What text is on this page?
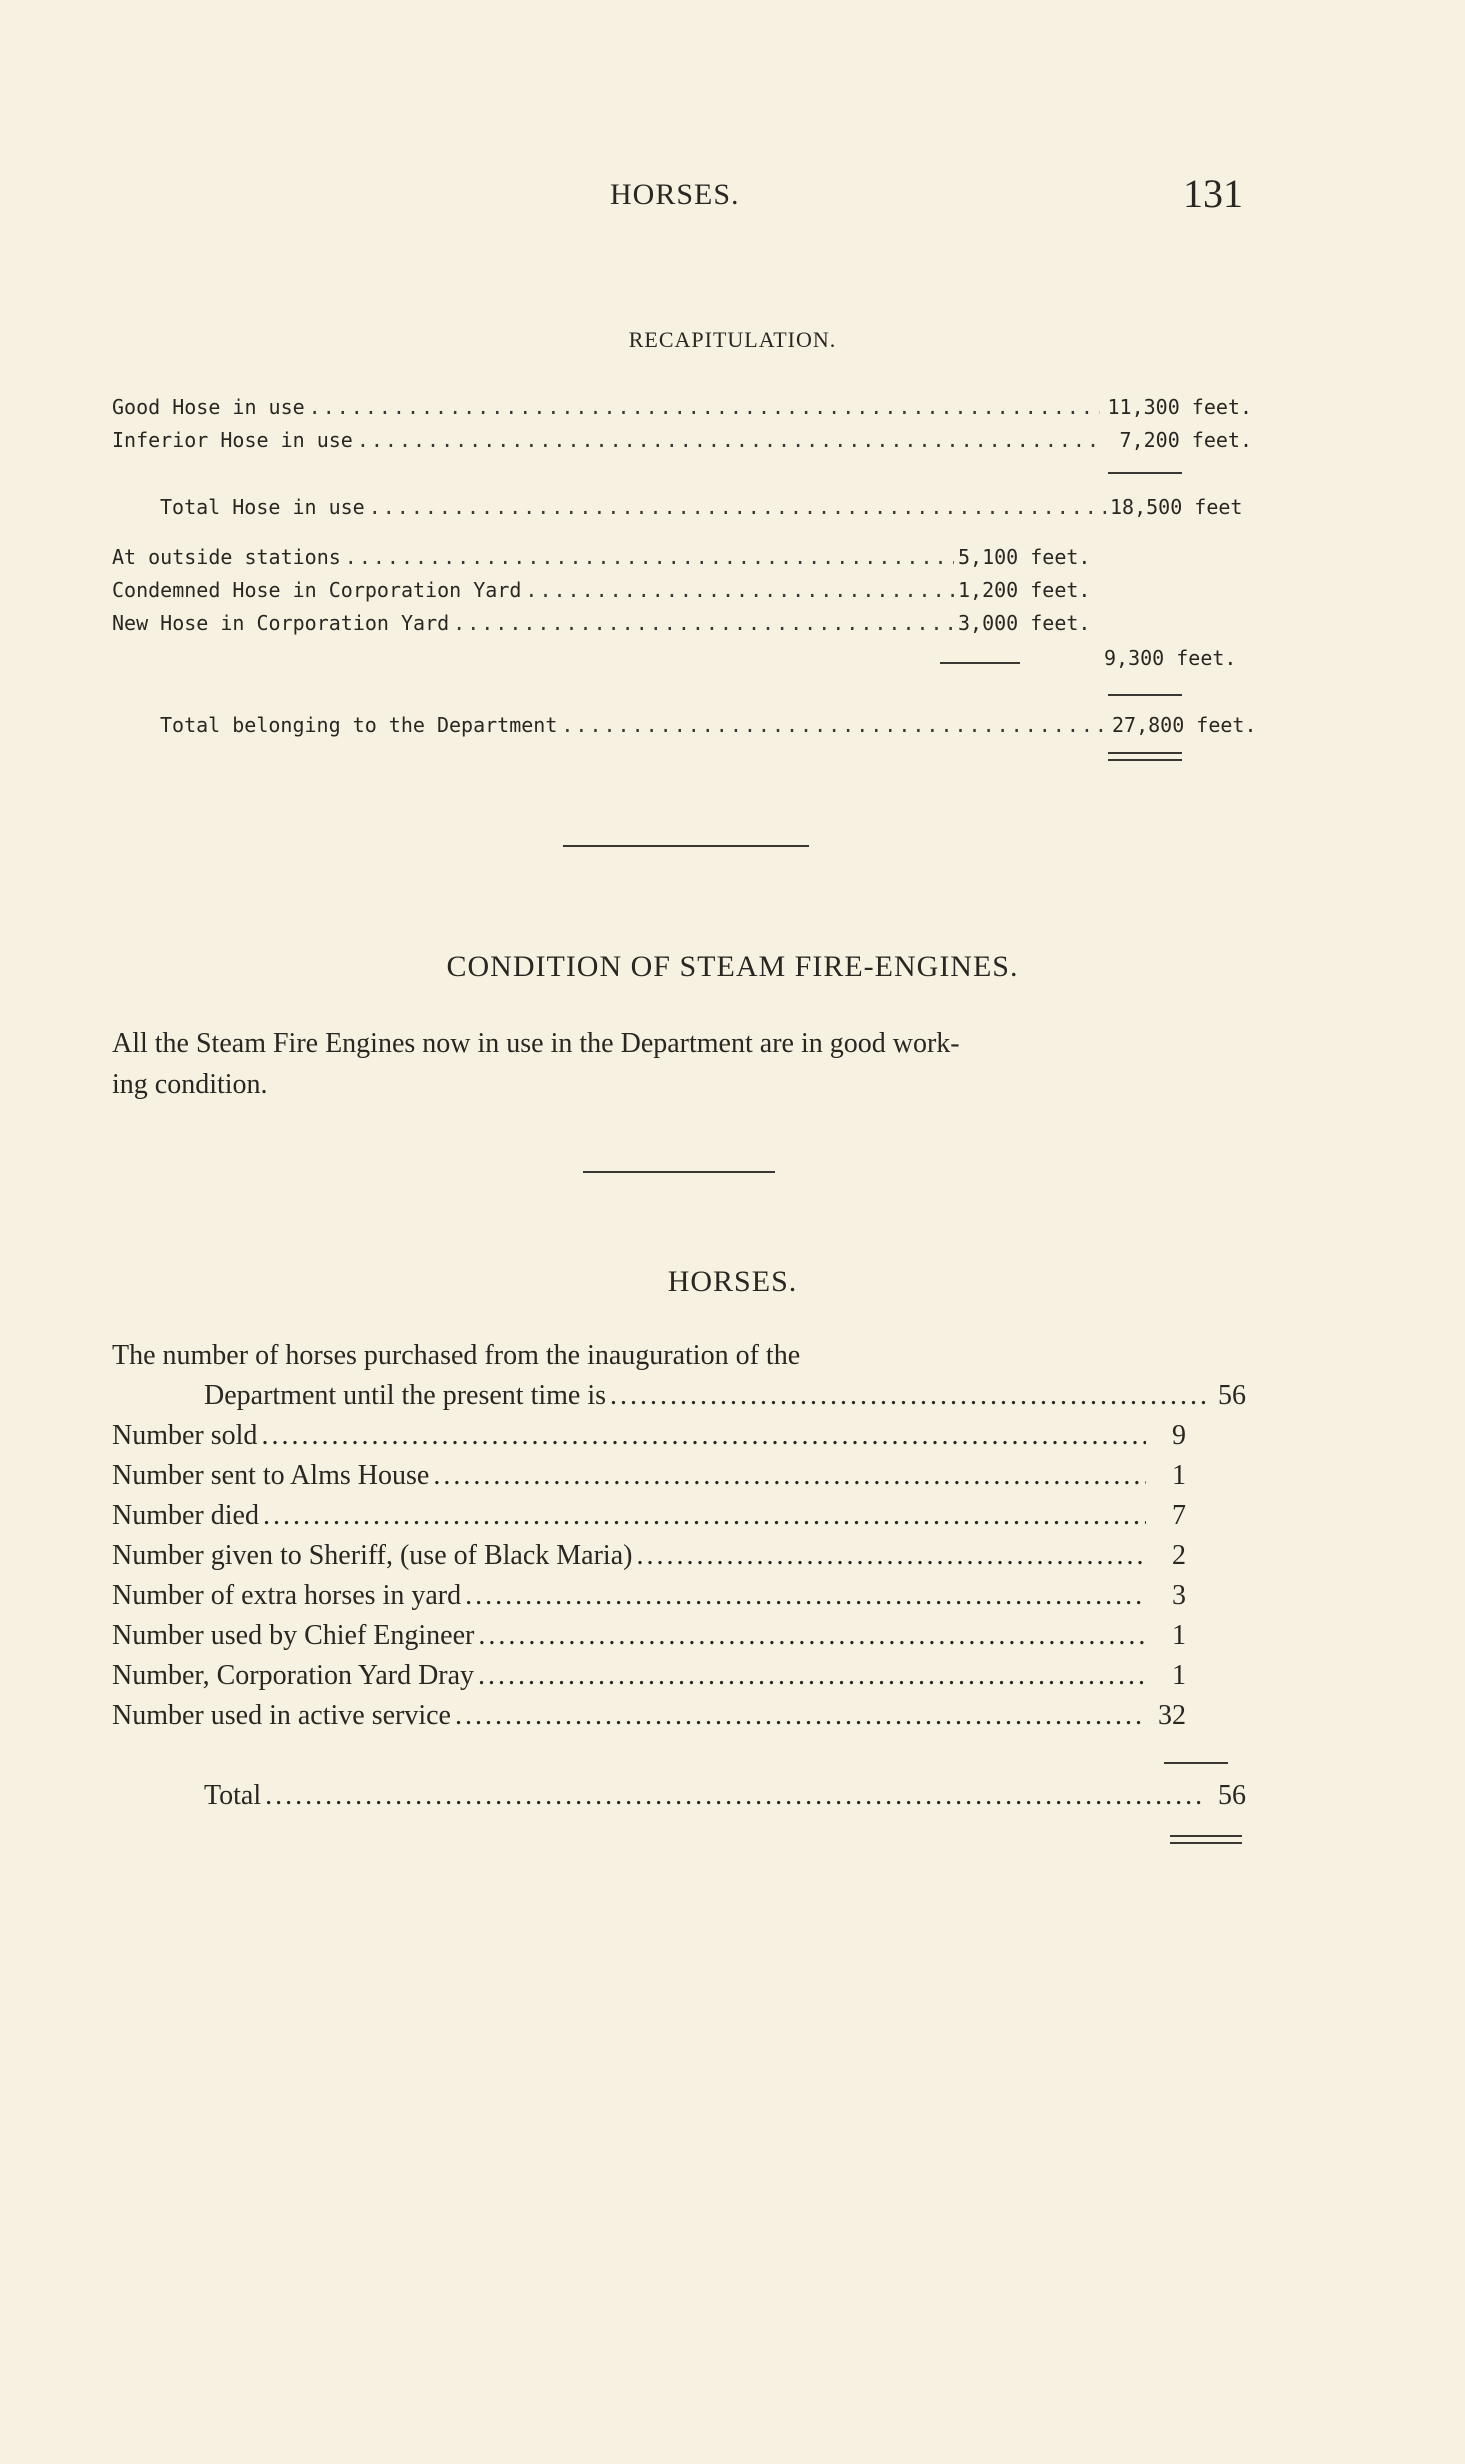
HORSES.	131
RECAPITULATION.
Good Hose in use .....	11,300 feet.
Inferior Hose in use .....	7,200 feet.
Total Hose in use .....	18,500 feet
At outside stations .....	5,100 feet.
Condemned Hose in Corporation Yard .....	1,200 feet.
New Hose in Corporation Yard .....	3,000 feet.
9,300 feet.
Total belonging to the Department .....	27,800 feet.
CONDITION OF STEAM FIRE-ENGINES.
All the Steam Fire Engines now in use in the Department are in good work-
ing condition.
HORSES.
The number of horses purchased from the inauguration of the
Department until the present time is .....	56
Number sold .....	9
Number sent to Alms House .....	1
Number died .....	7
Number given to Sheriff, (use of Black Maria) .....	2
Number of extra horses in yard .....	3
Number used by Chief Engineer .....	1
Number, Corporation Yard Dray .....	1
Number used in active service .....	32
Total .....	56
